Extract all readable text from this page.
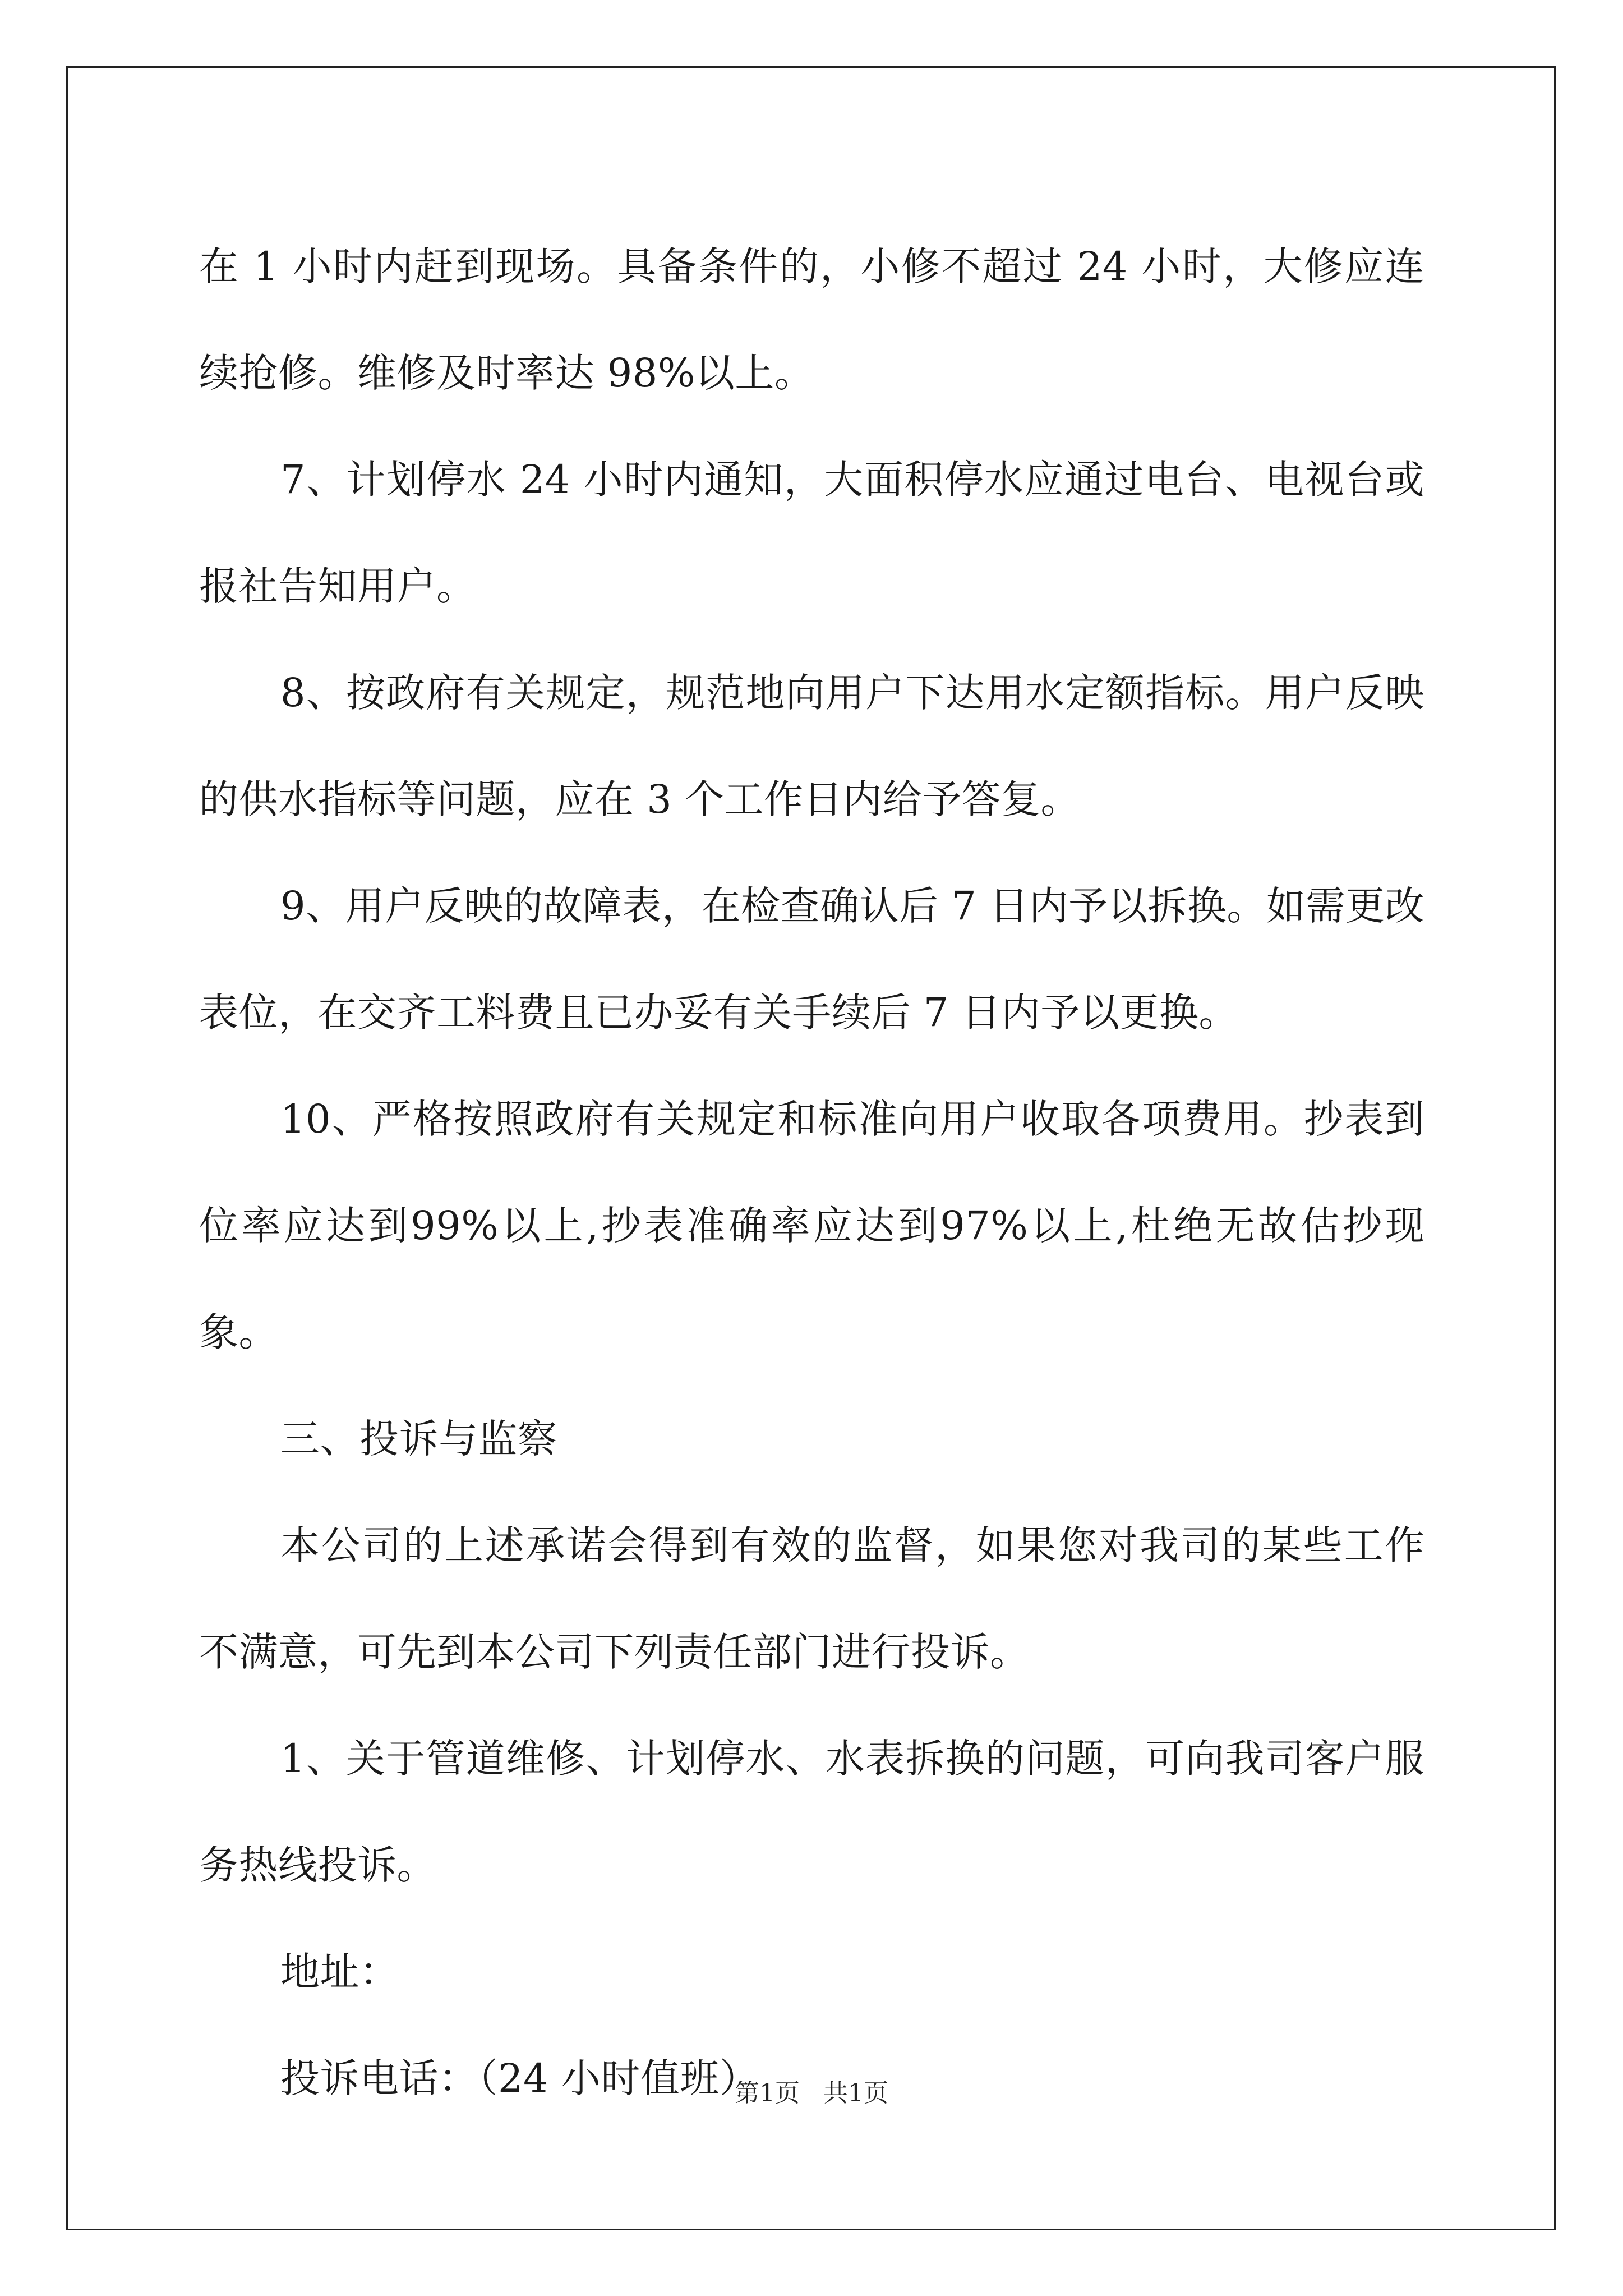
在 1 小时内赶到现场。具备条件的，小修不超过 24 小时，大修应连续抢修。维修及时率达 98%以上。

7、计划停水 24 小时内通知，大面积停水应通过电台、电视台或报社告知用户。

8、按政府有关规定，规范地向用户下达用水定额指标。用户反映的供水指标等问题，应在 3 个工作日内给予答复。

9、用户反映的故障表，在检查确认后 7 日内予以拆换。如需更改表位，在交齐工料费且已办妥有关手续后 7 日内予以更换。

10、严格按照政府有关规定和标准向用户收取各项费用。抄表到位率应达到99%以上,抄表准确率应达到97%以上,杜绝无故估抄现象。

三、投诉与监察

本公司的上述承诺会得到有效的监督，如果您对我司的某些工作不满意，可先到本公司下列责任部门进行投诉。

1、关于管道维修、计划停水、水表拆换的问题，可向我司客户服务热线投诉。

地址：

投诉电话：（24 小时值班）

第1页 共1页
